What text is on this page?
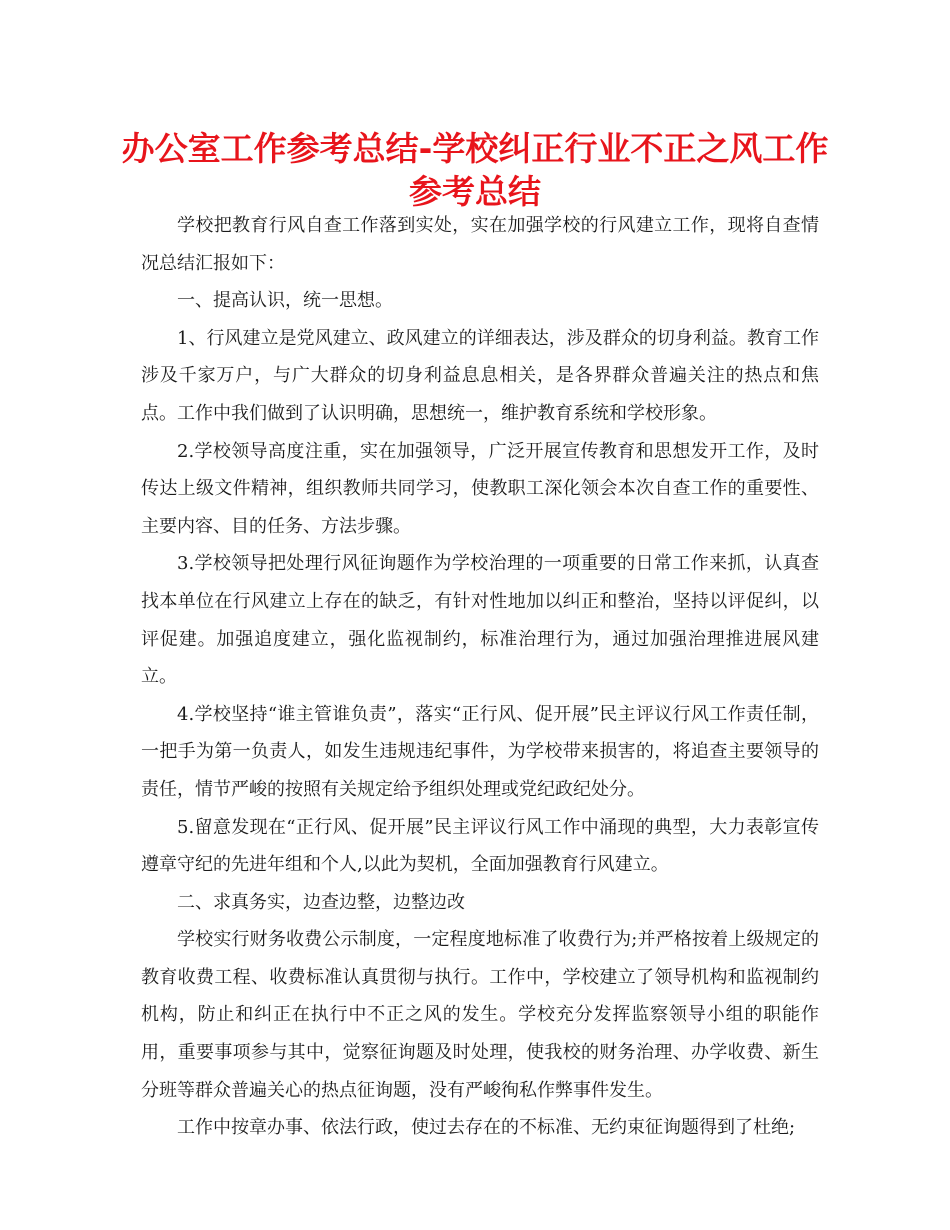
办公室工作参考总结-学校纠正行业不正之风工作
参考总结

学校把教育行风自查工作落到实处，实在加强学校的行风建立工作，现将自查情况总结汇报如下：

一、提高认识，统一思想。

1、行风建立是党风建立、政风建立的详细表达，涉及群众的切身利益。教育工作涉及千家万户，与广大群众的切身利益息息相关，是各界群众普遍关注的热点和焦点。工作中我们做到了认识明确，思想统一，维护教育系统和学校形象。

2.学校领导高度注重，实在加强领导，广泛开展宣传教育和思想发开工作，及时传达上级文件精神，组织教师共同学习，使教职工深化领会本次自查工作的重要性、主要内容、目的任务、方法步骤。

3.学校领导把处理行风征询题作为学校治理的一项重要的日常工作来抓，认真查找本单位在行风建立上存在的缺乏，有针对性地加以纠正和整治，坚持以评促纠，以评促建。加强追度建立，强化监视制约，标准治理行为，通过加强治理推进展风建立。

4.学校坚持“谁主管谁负责”，落实“正行风、促开展”民主评议行风工作责任制，一把手为第一负责人，如发生违规违纪事件，为学校带来损害的，将追查主要领导的责任，情节严峻的按照有关规定给予组织处理或党纪政纪处分。

5.留意发现在“正行风、促开展”民主评议行风工作中涌现的典型，大力表彰宣传遵章守纪的先进年组和个人,以此为契机，全面加强教育行风建立。

二、求真务实，边查边整，边整边改

学校实行财务收费公示制度，一定程度地标准了收费行为;并严格按着上级规定的教育收费工程、收费标准认真贯彻与执行。工作中，学校建立了领导机构和监视制约机构，防止和纠正在执行中不正之风的发生。学校充分发挥监察领导小组的职能作用，重要事项参与其中，觉察征询题及时处理，使我校的财务治理、办学收费、新生分班等群众普遍关心的热点征询题，没有严峻徇私作弊事件发生。

工作中按章办事、依法行政，使过去存在的不标准、无约束征询题得到了杜绝;
